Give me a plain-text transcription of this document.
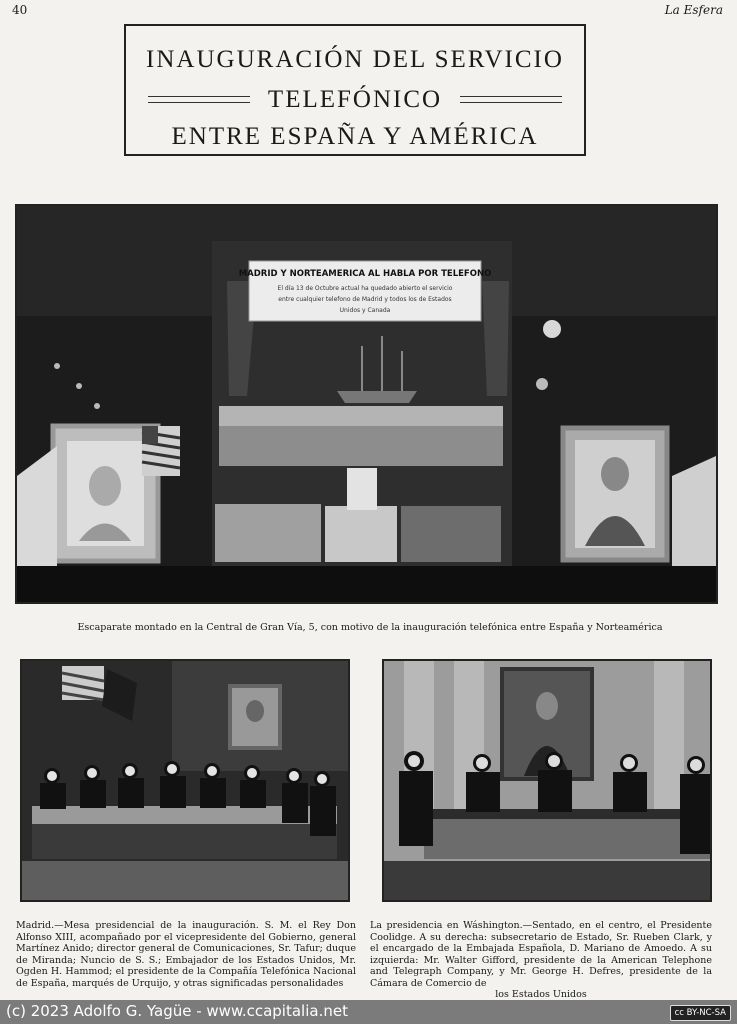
40	La Esfera
INAUGURACIÓN DEL SERVICIO
TELEFÓNICO
ENTRE ESPAÑA Y AMÉRICA
MADRID Y NORTEAMERICA AL HABLA POR TELEFONO
El día 13 de Octubre actual ha quedado abierto el servicio
entre cualquier telefono de Madrid y todos los de Estados
Unidos y Canada
Escaparate montado en la Central de Gran Vía, 5, con motivo de la inauguración telefónica entre España y Norteamérica
Madrid.—Mesa presidencial de la inauguración. S. M. el Rey Don Alfonso XIII, acompañado por el vicepresidente del Gobierno, general Martínez Anido; director general de Comunicaciones, Sr. Tafur; duque de Miranda; Nuncio de S. S.; Embajador de los Estados Unidos, Mr. Ogden H. Hammod; el presidente de la Compañía Telefónica Nacional de España, marqués de Urquijo, y otras significadas personalidades
La presidencia en Wáshington.—Sentado, en el centro, el Presidente Coolidge. A su derecha: subsecretario de Estado, Sr. Rueben Clark, y el encargado de la Embajada Española, D. Mariano de Amoedo. A su izquierda: Mr. Walter Gifford, presidente de la American Telephone and Telegraph Company, y Mr. George H. Defres, presidente de la Cámara de Comercio de
los Estados Unidos
(c) 2023 Adolfo G. Yagüe - www.ccapitalia.net	cc BY-NC-SA
